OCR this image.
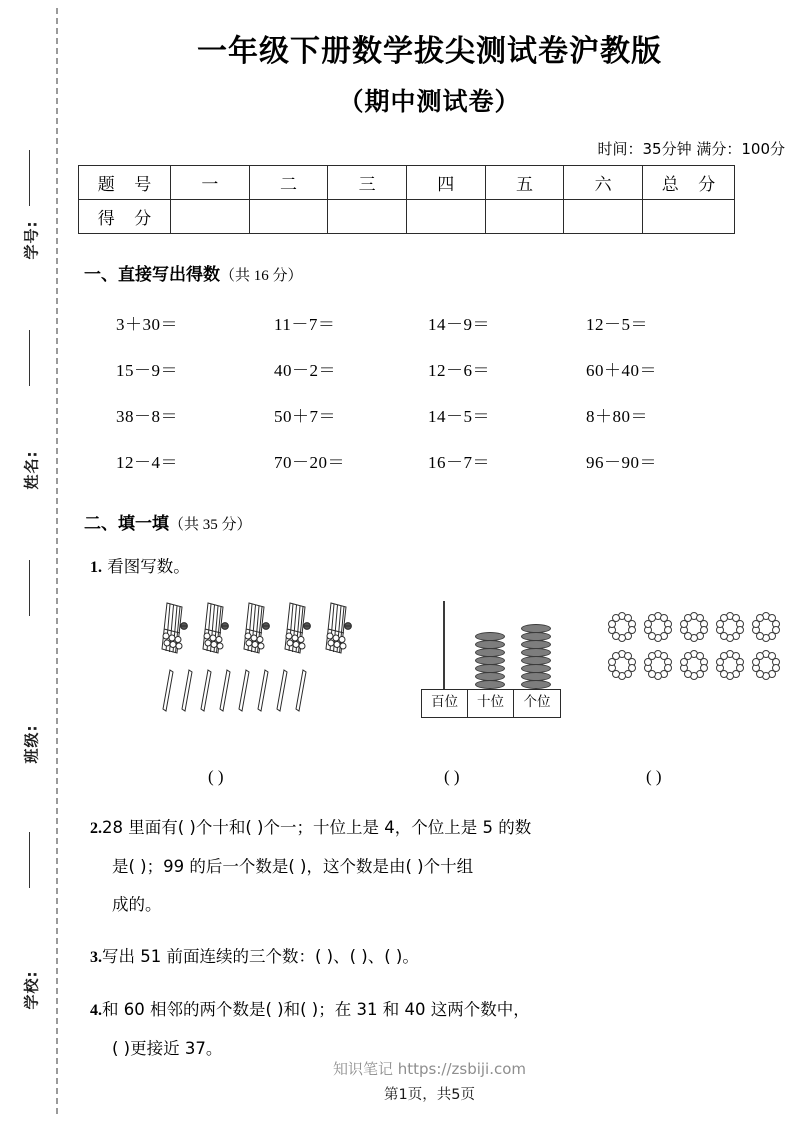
学号:
姓名:
班级:
学校:
一年级下册数学拔尖测试卷沪教版
（期中测试卷）
时间：35分钟 满分：100分
题 号	一	二	三	四	五	六	总 分
得 分							
一、直接写出得数（共 16 分）
3＋30＝	11－7＝	14－9＝	12－5＝
15－9＝	40－2＝	12－6＝	60＋40＝
38－8＝	50＋7＝	14－5＝	8＋80＝
12－4＝	70－20＝	16－7＝	96－90＝
二、填一填（共 35 分）
1. 看图写数。
百位	十位	个位
( )	( )	( )
2.28 里面有( )个十和( )个一；十位上是 4，个位上是 5 的数
是( )；99 的后一个数是( )，这个数是由( )个十组
成的。
3.写出 51 前面连续的三个数：( )、( )、( )。
4.和 60 相邻的两个数是( )和( )；在 31 和 40 这两个数中，
( )更接近 37。
知识笔记 https://zsbiji.com
第1页，共5页
